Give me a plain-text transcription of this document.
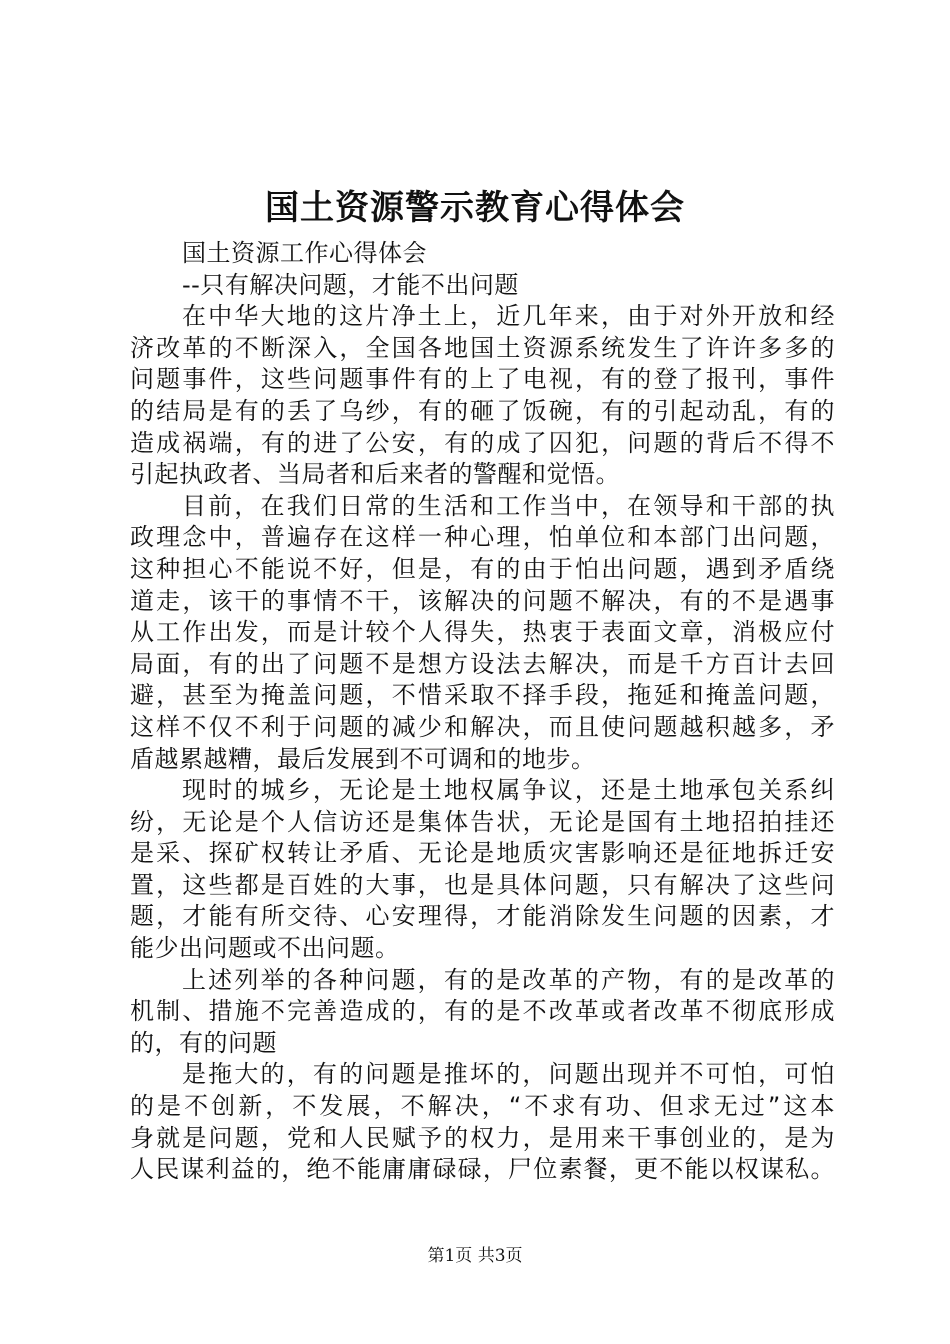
国土资源警示教育心得体会
国土资源工作心得体会
--只有解决问题，才能不出问题
在中华大地的这片净土上，近几年来，由于对外开放和经
济改革的不断深入，全国各地国土资源系统发生了许许多多的
问题事件，这些问题事件有的上了电视，有的登了报刊，事件
的结局是有的丢了乌纱，有的砸了饭碗，有的引起动乱，有的
造成祸端，有的进了公安，有的成了囚犯，问题的背后不得不
引起执政者、当局者和后来者的警醒和觉悟。
目前，在我们日常的生活和工作当中，在领导和干部的执
政理念中，普遍存在这样一种心理，怕单位和本部门出问题，
这种担心不能说不好，但是，有的由于怕出问题，遇到矛盾绕
道走，该干的事情不干，该解决的问题不解决，有的不是遇事
从工作出发，而是计较个人得失，热衷于表面文章，消极应付
局面，有的出了问题不是想方设法去解决，而是千方百计去回
避，甚至为掩盖问题，不惜采取不择手段，拖延和掩盖问题，
这样不仅不利于问题的减少和解决，而且使问题越积越多，矛
盾越累越糟，最后发展到不可调和的地步。
现时的城乡，无论是土地权属争议，还是土地承包关系纠
纷，无论是个人信访还是集体告状，无论是国有土地招拍挂还
是采、探矿权转让矛盾、无论是地质灾害影响还是征地拆迁安
置，这些都是百姓的大事，也是具体问题，只有解决了这些问
题，才能有所交待、心安理得，才能消除发生问题的因素，才
能少出问题或不出问题。
上述列举的各种问题，有的是改革的产物，有的是改革的
机制、措施不完善造成的，有的是不改革或者改革不彻底形成
的，有的问题
是拖大的，有的问题是推坏的，问题出现并不可怕，可怕
的是不创新，不发展，不解决，“不求有功、但求无过”这本
身就是问题，党和人民赋予的权力，是用来干事创业的，是为
人民谋利益的，绝不能庸庸碌碌，尸位素餐，更不能以权谋私。
第1页 共3页
